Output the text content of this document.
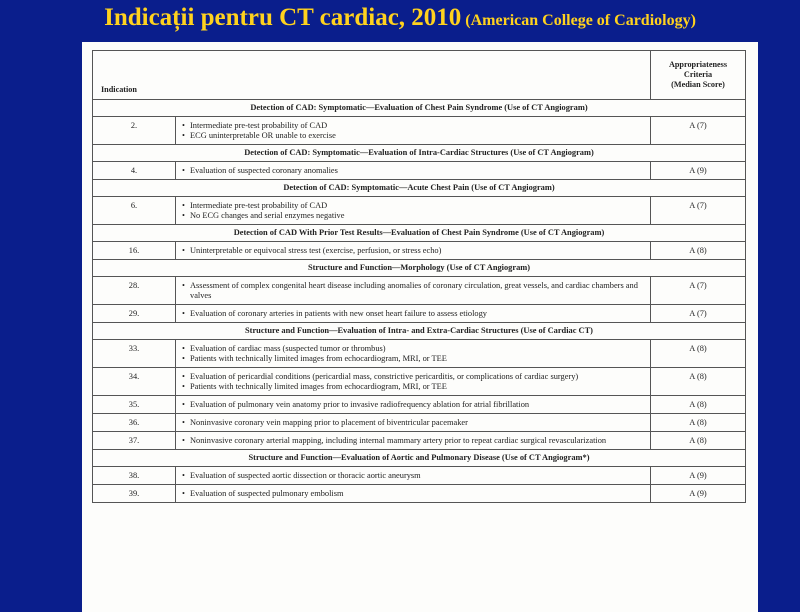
Indicații pentru CT cardiac, 2010 (American College of Cardiology)
Indication		Appropriateness
Criteria
(Median Score)

Detection of CAD: Symptomatic—Evaluation of Chest Pain Syndrome (Use of CT Angiogram)		
2.	• Intermediate pre-test probability of CAD
• ECG uninterpretable OR unable to exercise	A (7)
Detection of CAD: Symptomatic—Evaluation of Intra-Cardiac Structures (Use of CT Angiogram)		
4.	• Evaluation of suspected coronary anomalies	A (9)
Detection of CAD: Symptomatic—Acute Chest Pain (Use of CT Angiogram)		
6.	• Intermediate pre-test probability of CAD
• No ECG changes and serial enzymes negative	A (7)
Detection of CAD With Prior Test Results—Evaluation of Chest Pain Syndrome (Use of CT Angiogram)		
16.	• Uninterpretable or equivocal stress test (exercise, perfusion, or stress echo)	A (8)
Structure and Function—Morphology (Use of CT Angiogram)		
28.	• Assessment of complex congenital heart disease including anomalies of coronary circulation, great vessels, and cardiac chambers and valves	A (7)
29.	• Evaluation of coronary arteries in patients with new onset heart failure to assess etiology	A (7)
Structure and Function—Evaluation of Intra- and Extra-Cardiac Structures (Use of Cardiac CT)		
33.	• Evaluation of cardiac mass (suspected tumor or thrombus)
• Patients with technically limited images from echocardiogram, MRI, or TEE	A (8)
34.	• Evaluation of pericardial conditions (pericardial mass, constrictive pericarditis, or complications of cardiac surgery)
• Patients with technically limited images from echocardiogram, MRI, or TEE	A (8)
35.	• Evaluation of pulmonary vein anatomy prior to invasive radiofrequency ablation for atrial fibrillation	A (8)
36.	• Noninvasive coronary vein mapping prior to placement of biventricular pacemaker	A (8)
37.	• Noninvasive coronary arterial mapping, including internal mammary artery prior to repeat cardiac surgical revascularization	A (8)
Structure and Function—Evaluation of Aortic and Pulmonary Disease (Use of CT Angiogram*)		
38.	• Evaluation of suspected aortic dissection or thoracic aortic aneurysm	A (9)
39.	• Evaluation of suspected pulmonary embolism	A (9)
